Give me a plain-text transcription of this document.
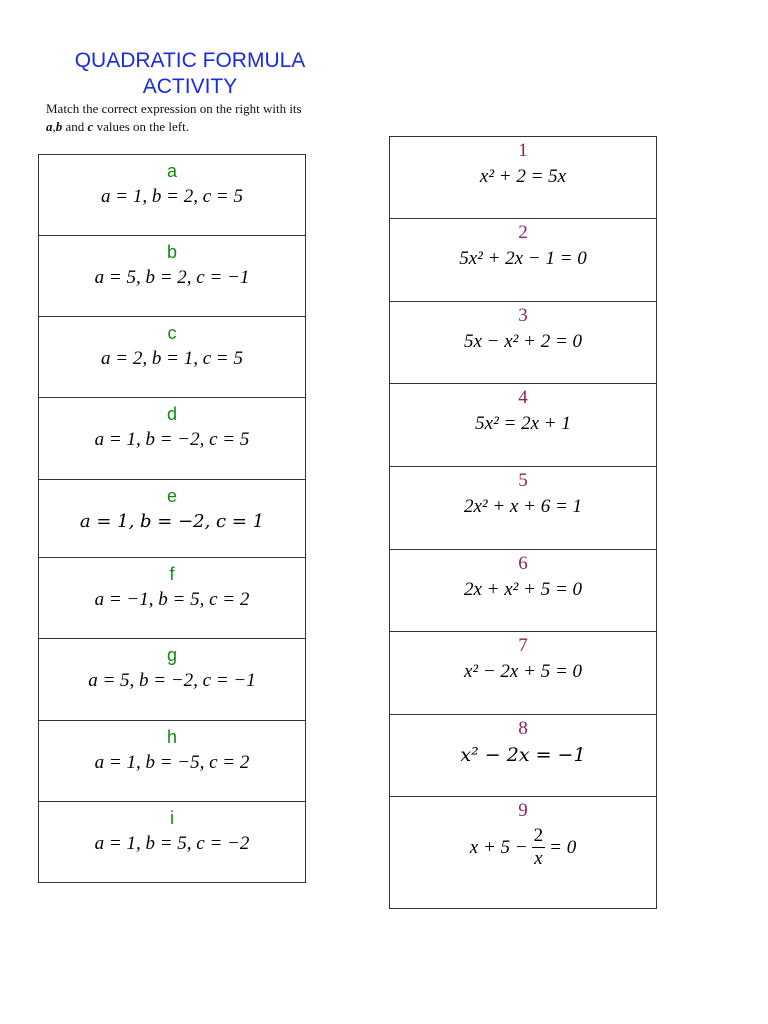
QUADRATIC FORMULA
ACTIVITY
Match the correct expression on the right with its
a,b and c values on the left.
a
a = 1, b = 2, c = 5
b
a = 5, b = 2, c = −1
c
a = 2, b = 1, c = 5
d
a = 1, b = −2, c = 5
e
a = 1, b = −2, c = 1
f
a = −1, b = 5, c = 2
g
a = 5, b = −2, c = −1
h
a = 1, b = −5, c = 2
i
a = 1, b = 5, c = −2
1
x² + 2 = 5x
2
5x² + 2x − 1 = 0
3
5x − x² + 2 = 0
4
5x² = 2x + 1
5
2x² + x + 6 = 1
6
2x + x² + 5 = 0
7
x² − 2x + 5 = 0
8
x² − 2x = −1
9
$x + 5 - \frac{2}{x} = 0$
